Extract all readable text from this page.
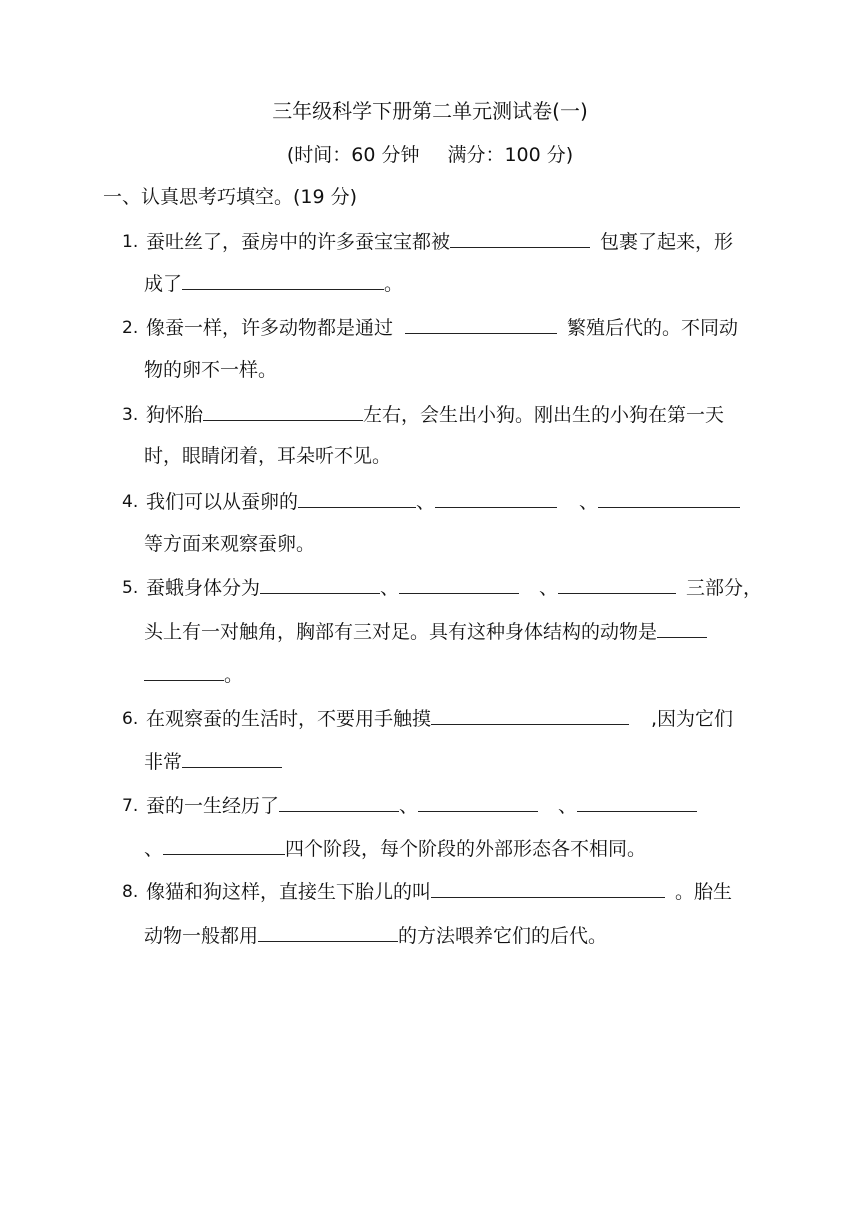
三年级科学下册第二单元测试卷(一)
(时间：60 分钟 满分：100 分)
一、认真思考巧填空。(19 分)
1. 蚕吐丝了，蚕房中的许多蚕宝宝都被	包裹了起来，形
成了	。
2. 像蚕一样，许多动物都是通过	繁殖后代的。不同动
物的卵不一样。
3. 狗怀胎	左右，会生出小狗。刚出生的小狗在第一天
时，眼睛闭着，耳朵听不见。
4. 我们可以从蚕卵的	、	、
等方面来观察蚕卵。
5. 蚕蛾身体分为	、	、	三部分，
头上有一对触角，胸部有三对足。具有这种身体结构的动物是
。
6. 在观察蚕的生活时，不要用手触摸	,因为它们
非常
7. 蚕的一生经历了	、	、
、	四个阶段，每个阶段的外部形态各不相同。
8. 像猫和狗这样，直接生下胎儿的叫	。胎生
动物一般都用	的方法喂养它们的后代。
